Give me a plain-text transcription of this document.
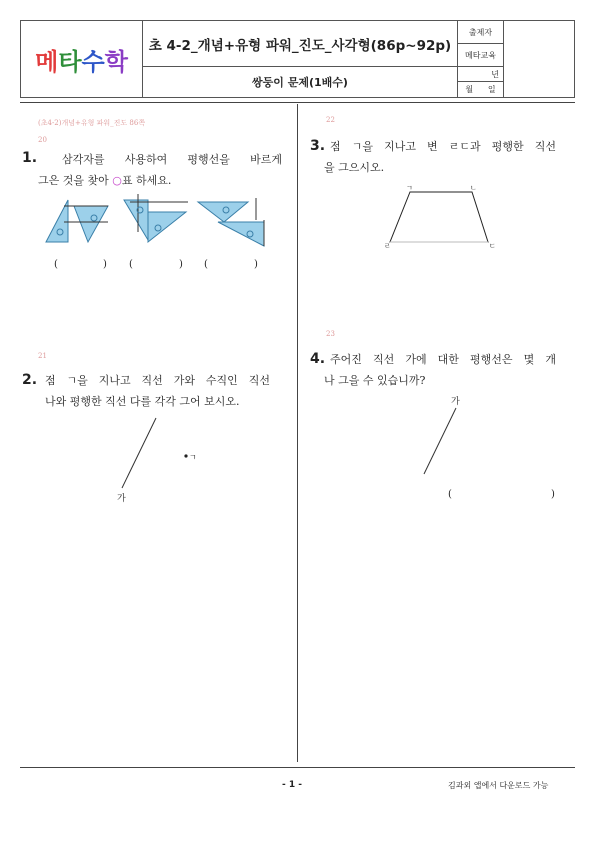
메 타 수 학
초 4-2_개념+유형 파워_진도_사각형(86p~92p)
쌍둥이 문제(1배수)
출제자
메타교육
년
월 일
(초4-2)개념+유형 파워_진도 86쪽
20
1. 삼각자를 사용하여 평행선을 바르게
그은 것을 찾아 ○표 하세요.
(	) (	) (	)
21
2. 점 ㄱ을 지나고 직선 가와 수직인 직선
나와 평행한 직선 다를 각각 그어 보시오.
ㄱ
가
22
3. 점 ㄱ을 지나고 변 ㄹㄷ과 평행한 직선
을 그으시오.
ㄱ	ㄴ
ㄹ	ㄷ
23
4. 주어진 직선 가에 대한 평행선은 몇 개
나 그을 수 있습니까?
가
(	)
- 1 -	김과외 앱에서 다운로드 가능
